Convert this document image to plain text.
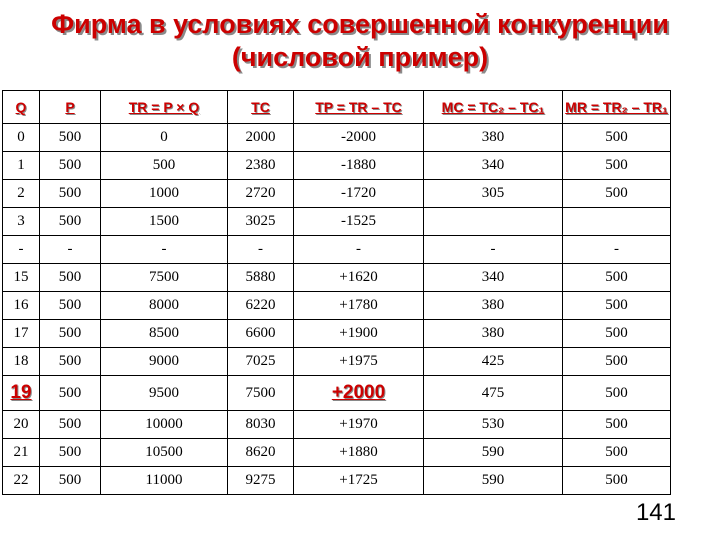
Фирма в условиях совершенной конкуренции
(числовой пример)
Q	P	TR = P × Q	TC	TP = TR – TC	MC = TC₂ – TC₁	MR = TR₂ – TR₁
0	500	0	2000	-2000	380	500
1	500	500	2380	-1880	340	500
2	500	1000	2720	-1720	305	500
3	500	1500	3025	-1525		
-	-	-	-	-	-	-
15	500	7500	5880	+1620	340	500
16	500	8000	6220	+1780	380	500
17	500	8500	6600	+1900	380	500
18	500	9000	7025	+1975	425	500
19	500	9500	7500	+2000	475	500
20	500	10000	8030	+1970	530	500
21	500	10500	8620	+1880	590	500
22	500	11000	9275	+1725	590	500
141
